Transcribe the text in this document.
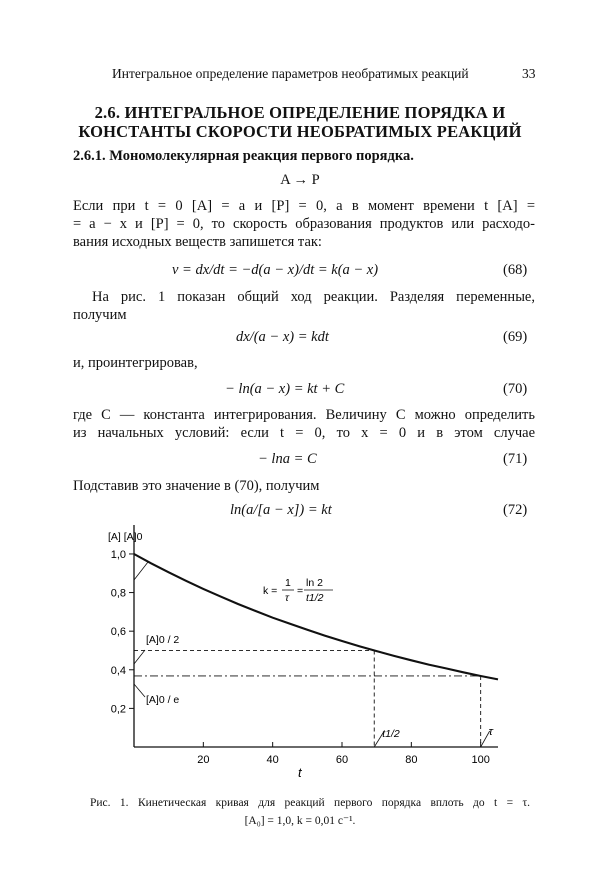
Интегральное определение параметров необратимых реакций	33
2.6. ИНТЕГРАЛЬНОЕ ОПРЕДЕЛЕНИЕ ПОРЯДКА И
КОНСТАНТЫ СКОРОСТИ НЕОБРАТИМЫХ РЕАКЦИЙ
2.6.1. Мономолекулярная реакция первого порядка.
A → P
Если при t = 0 [A] = a и [P] = 0, а в момент времени t [A] =
= a − x и [P] = 0, то скорость образования продуктов или расходо-
вания исходных веществ запишется так:
v = dx/dt = −d(a − x)/dt = k(a − x)	(68)
На рис. 1 показан общий ход реакции. Разделяя переменные,
получим
dx/(a − x) = kdt	(69)
и, проинтегрировав,
− ln(a − x) = kt + C	(70)
где C — константа интегрирования. Величину C можно определить
из начальных условий: если t = 0, то x = 0 и в этом случае
− lna = C	(71)
Подставив это значение в (70), получим
ln(a/[a − x]) = kt	(72)
[A] [A]0
0,2
0,4
0,6
0,8
1,0
20	40	60	80	100
[A]0 / 2
[A]0 / e
k =
1
τ
=
ln 2
t1/2
t1/2	τ
t
Рис. 1. Кинетическая кривая для реакций первого порядка вплоть до t = τ.
[A₀] = 1,0, k = 0,01 с⁻¹.
